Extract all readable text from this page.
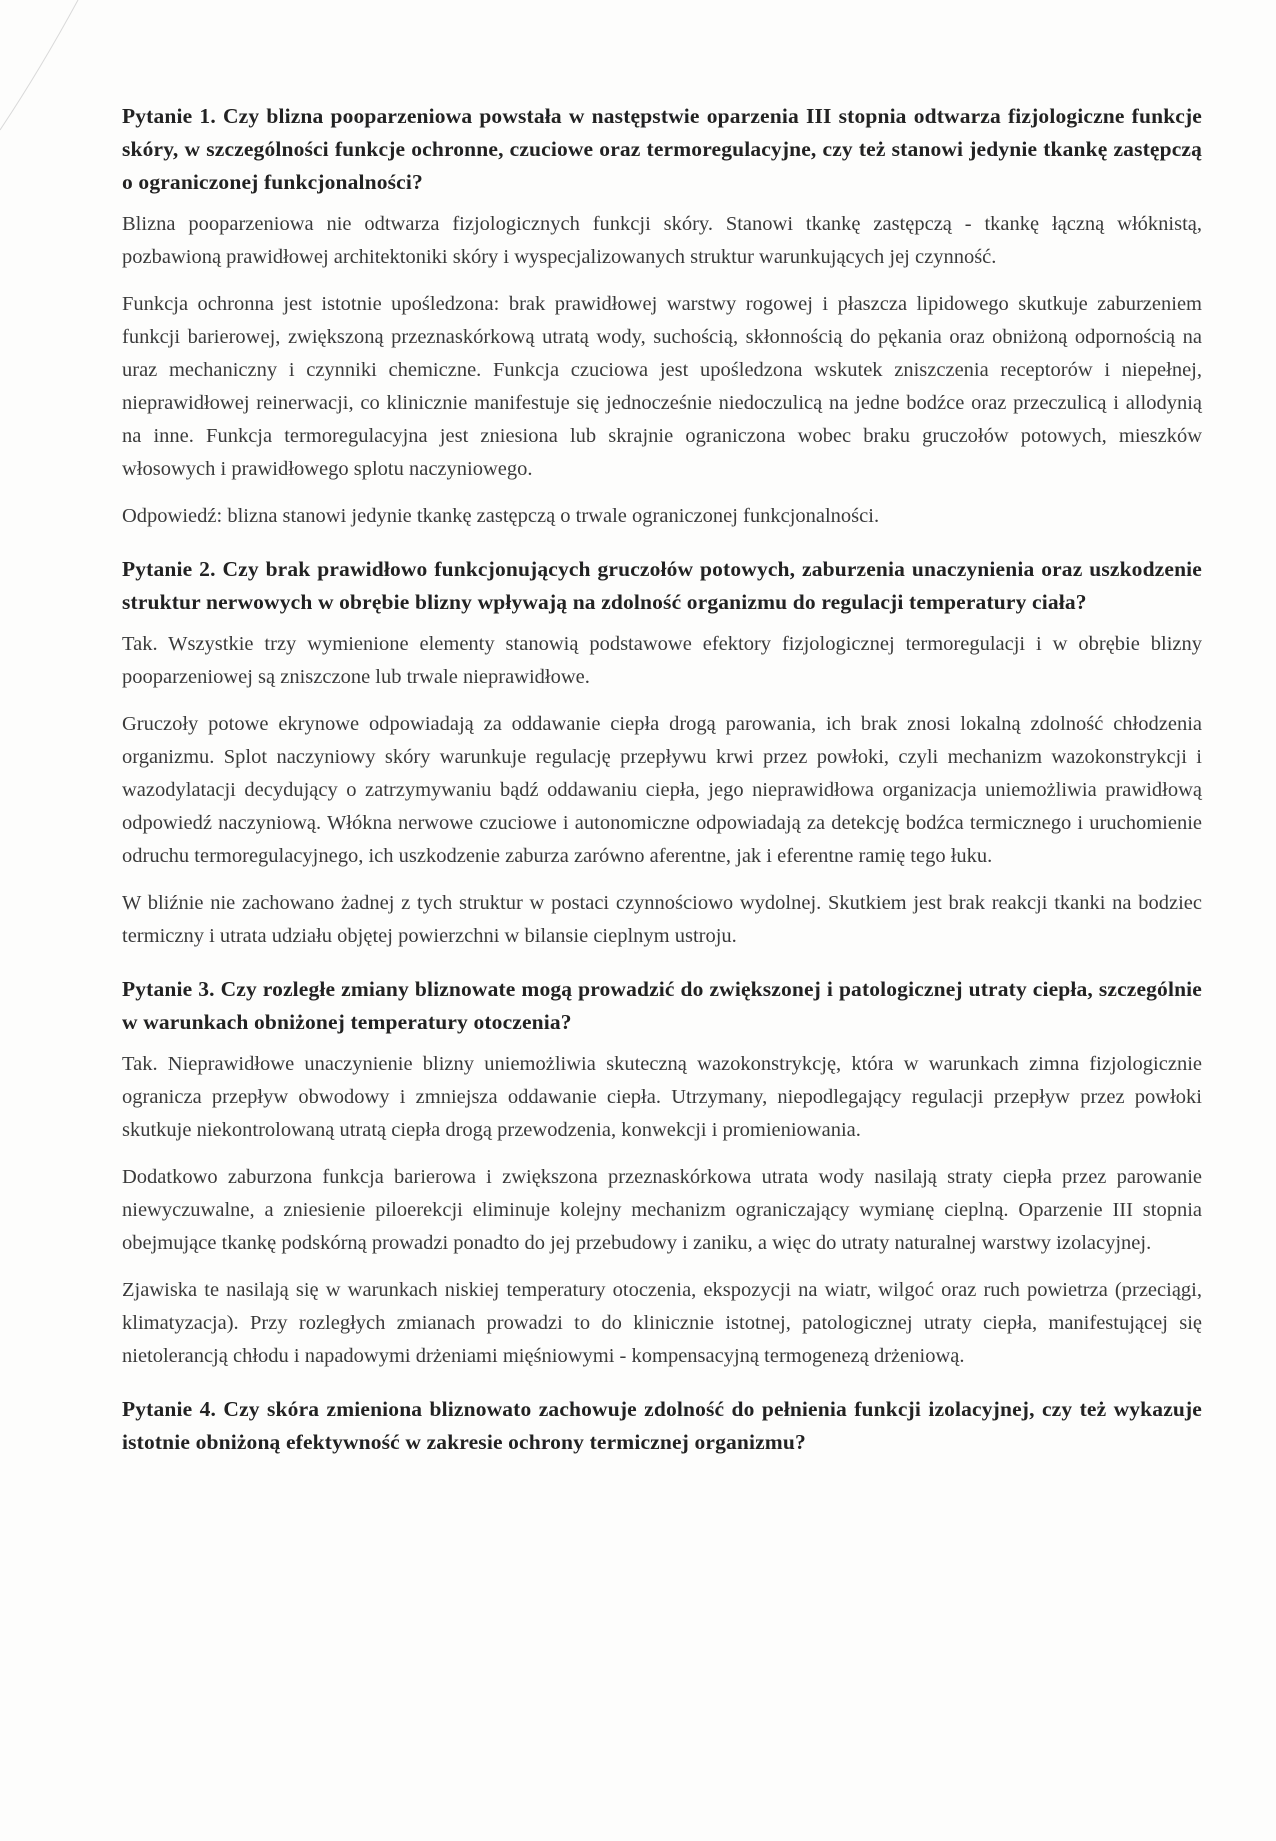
Pytanie 1. Czy blizna pooparzeniowa powstała w następstwie oparzenia III stopnia odtwarza fizjologiczne funkcje skóry, w szczególności funkcje ochronne, czuciowe oraz termoregulacyjne, czy też stanowi jedynie tkankę zastępczą o ograniczonej funkcjonalności?

Blizna pooparzeniowa nie odtwarza fizjologicznych funkcji skóry. Stanowi tkankę zastępczą - tkankę łączną włóknistą, pozbawioną prawidłowej architektoniki skóry i wyspecjalizowanych struktur warunkujących jej czynność.

Funkcja ochronna jest istotnie upośledzona: brak prawidłowej warstwy rogowej i płaszcza lipidowego skutkuje zaburzeniem funkcji barierowej, zwiększoną przeznaskórkową utratą wody, suchością, skłonnością do pękania oraz obniżoną odpornością na uraz mechaniczny i czynniki chemiczne. Funkcja czuciowa jest upośledzona wskutek zniszczenia receptorów i niepełnej, nieprawidłowej reinerwacji, co klinicznie manifestuje się jednocześnie niedoczulicą na jedne bodźce oraz przeczulicą i allodynią na inne. Funkcja termoregulacyjna jest zniesiona lub skrajnie ograniczona wobec braku gruczołów potowych, mieszków włosowych i prawidłowego splotu naczyniowego.

Odpowiedź: blizna stanowi jedynie tkankę zastępczą o trwale ograniczonej funkcjonalności.

Pytanie 2. Czy brak prawidłowo funkcjonujących gruczołów potowych, zaburzenia unaczynienia oraz uszkodzenie struktur nerwowych w obrębie blizny wpływają na zdolność organizmu do regulacji temperatury ciała?

Tak. Wszystkie trzy wymienione elementy stanowią podstawowe efektory fizjologicznej termoregulacji i w obrębie blizny pooparzeniowej są zniszczone lub trwale nieprawidłowe.

Gruczoły potowe ekrynowe odpowiadają za oddawanie ciepła drogą parowania, ich brak znosi lokalną zdolność chłodzenia organizmu. Splot naczyniowy skóry warunkuje regulację przepływu krwi przez powłoki, czyli mechanizm wazokonstrykcji i wazodylatacji decydujący o zatrzymywaniu bądź oddawaniu ciepła, jego nieprawidłowa organizacja uniemożliwia prawidłową odpowiedź naczyniową. Włókna nerwowe czuciowe i autonomiczne odpowiadają za detekcję bodźca termicznego i uruchomienie odruchu termoregulacyjnego, ich uszkodzenie zaburza zarówno aferentne, jak i eferentne ramię tego łuku.

W bliźnie nie zachowano żadnej z tych struktur w postaci czynnościowo wydolnej. Skutkiem jest brak reakcji tkanki na bodziec termiczny i utrata udziału objętej powierzchni w bilansie cieplnym ustroju.

Pytanie 3. Czy rozległe zmiany bliznowate mogą prowadzić do zwiększonej i patologicznej utraty ciepła, szczególnie w warunkach obniżonej temperatury otoczenia?

Tak. Nieprawidłowe unaczynienie blizny uniemożliwia skuteczną wazokonstrykcję, która w warunkach zimna fizjologicznie ogranicza przepływ obwodowy i zmniejsza oddawanie ciepła. Utrzymany, niepodlegający regulacji przepływ przez powłoki skutkuje niekontrolowaną utratą ciepła drogą przewodzenia, konwekcji i promieniowania.

Dodatkowo zaburzona funkcja barierowa i zwiększona przeznaskórkowa utrata wody nasilają straty ciepła przez parowanie niewyczuwalne, a zniesienie piloerekcji eliminuje kolejny mechanizm ograniczający wymianę cieplną. Oparzenie III stopnia obejmujące tkankę podskórną prowadzi ponadto do jej przebudowy i zaniku, a więc do utraty naturalnej warstwy izolacyjnej.

Zjawiska te nasilają się w warunkach niskiej temperatury otoczenia, ekspozycji na wiatr, wilgoć oraz ruch powietrza (przeciągi, klimatyzacja). Przy rozległych zmianach prowadzi to do klinicznie istotnej, patologicznej utraty ciepła, manifestującej się nietolerancją chłodu i napadowymi drżeniami mięśniowymi - kompensacyjną termogenezą drżeniową.

Pytanie 4. Czy skóra zmieniona bliznowato zachowuje zdolność do pełnienia funkcji izolacyjnej, czy też wykazuje istotnie obniżoną efektywność w zakresie ochrony termicznej organizmu?
